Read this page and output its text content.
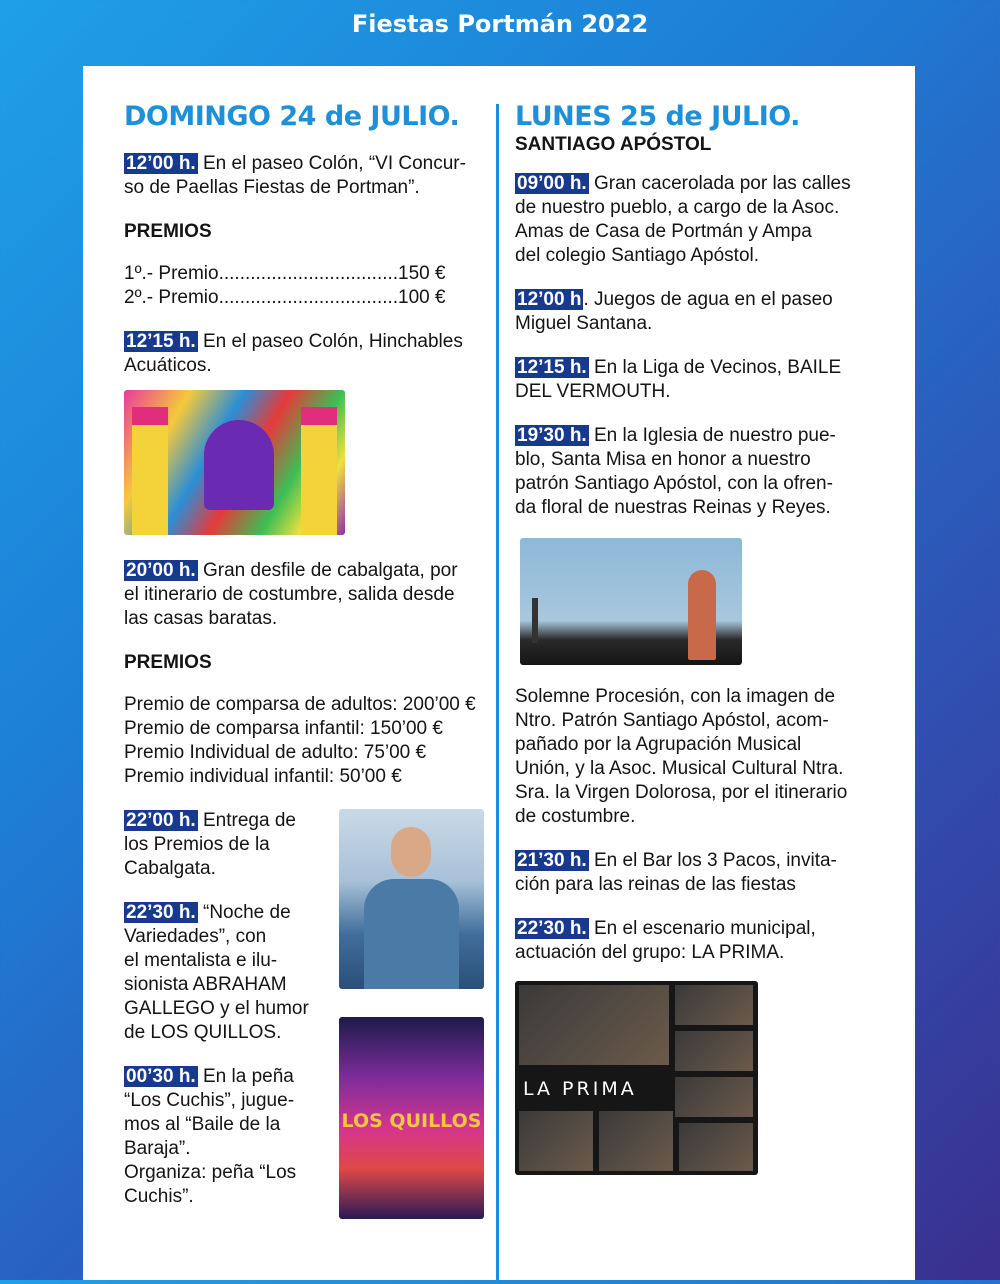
Fiestas Portmán 2022
DOMINGO 24 de JULIO.

12’00 h. En el paseo Colón, “VI Concur-

so de Paellas Fiestas de Portman”.

PREMIOS

1º.- Premio..................................150 €
2º.- Premio..................................100 €

12’15 h. En el paseo Colón, Hinchables

Acuáticos.

20’00 h. Gran desfile de cabalgata, por

el itinerario de costumbre, salida desde

las casas baratas.

PREMIOS

Premio de comparsa de adultos: 200’00 €

Premio de comparsa infantil: 150’00 €

Premio Individual de adulto: 75’00 €

Premio individual infantil: 50’00 €

LOS QUILLOS

22’00 h. Entrega de

los Premios de la

Cabalgata.

22’30 h. “Noche de

Variedades”, con

el mentalista e ilu-

sionista ABRAHAM

GALLEGO y el humor

de LOS QUILLOS.

00’30 h. En la peña

“Los Cuchis”, jugue-

mos al “Baile de la

Baraja”.

Organiza: peña “Los

Cuchis”.

LUNES 25 de JULIO.

SANTIAGO APÓSTOL

09’00 h. Gran cacerolada por las calles

de nuestro pueblo, a cargo de la Asoc.

Amas de Casa de Portmán y Ampa

del colegio Santiago Apóstol.

12’00 h . Juegos de agua en el paseo

Miguel Santana.

12’15 h. En la Liga de Vecinos, BAILE

DEL VERMOUTH.

19’30 h. En la Iglesia de nuestro pue-

blo, Santa Misa en honor a nuestro

patrón Santiago Apóstol, con la ofren-

da floral de nuestras Reinas y Reyes.

Solemne Procesión, con la imagen de

Ntro. Patrón Santiago Apóstol, acom-

pañado por la Agrupación Musical

Unión, y la Asoc. Musical Cultural Ntra.

Sra. la Virgen Dolorosa, por el itinerario

de costumbre.

21’30 h. En el Bar los 3 Pacos, invita-

ción para las reinas de las fiestas

22’30 h. En el escenario municipal,

actuación del grupo: LA PRIMA.

LA PRIMA
